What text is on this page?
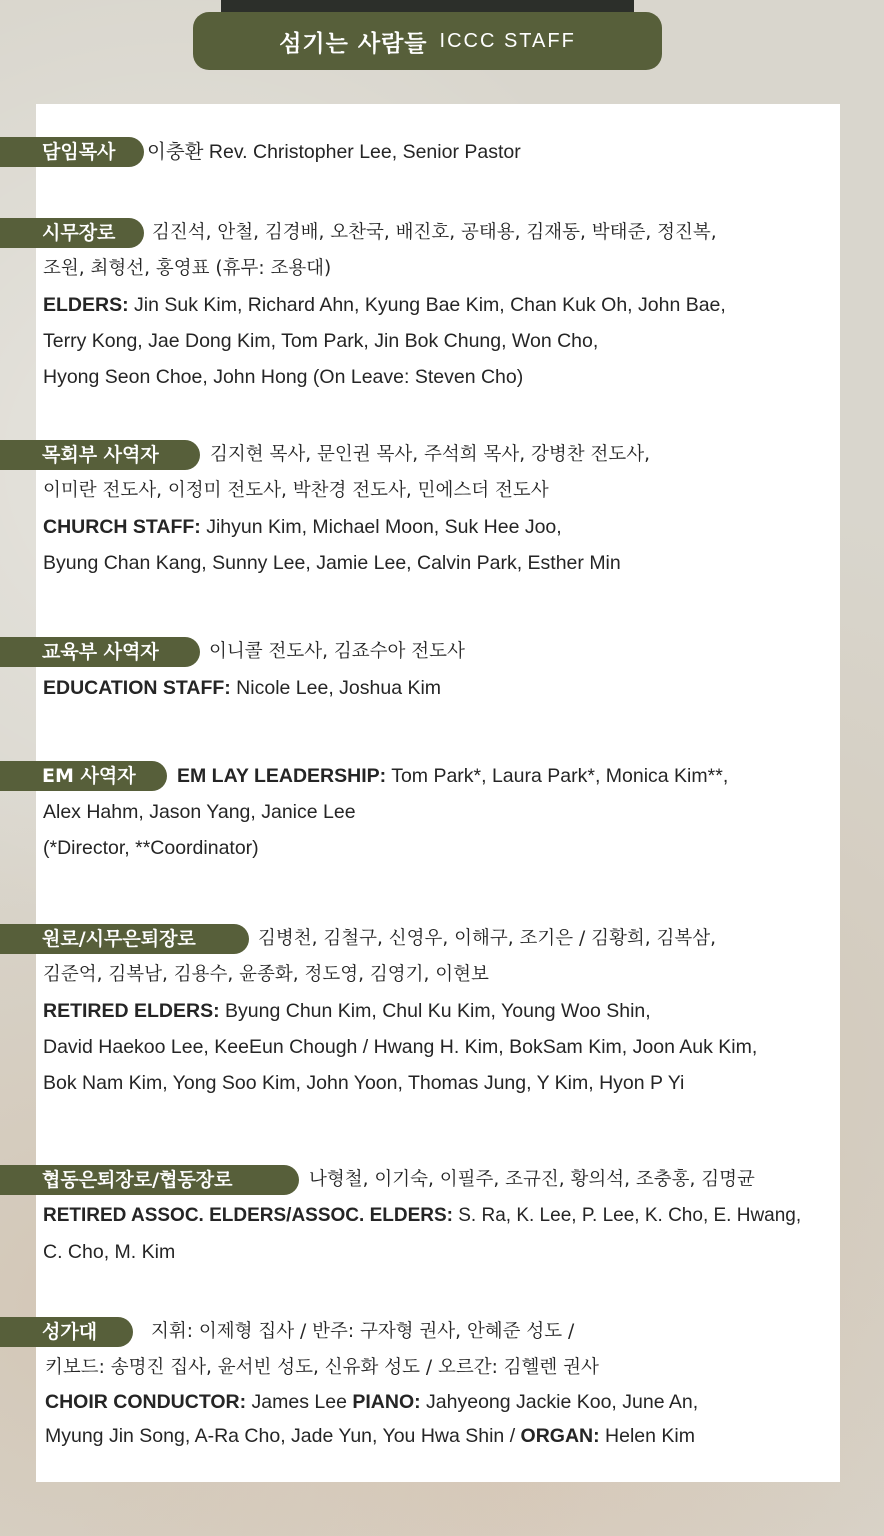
섬기는 사람들 ICCC STAFF
담임목사	이충환 Rev. Christopher Lee, Senior Pastor
시무장로	김진석, 안철, 김경배, 오찬국, 배진호, 공태용, 김재동, 박태준, 정진복,
조원, 최형선, 홍영표 (휴무: 조용대)
ELDERS: Jin Suk Kim, Richard Ahn, Kyung Bae Kim, Chan Kuk Oh, John Bae,
Terry Kong, Jae Dong Kim, Tom Park, Jin Bok Chung, Won Cho,
Hyong Seon Choe, John Hong (On Leave: Steven Cho)
목회부 사역자	김지현 목사, 문인권 목사, 주석희 목사, 강병찬 전도사,
이미란 전도사, 이정미 전도사, 박찬경 전도사, 민에스더 전도사
CHURCH STAFF: Jihyun Kim, Michael Moon, Suk Hee Joo,
Byung Chan Kang, Sunny Lee, Jamie Lee, Calvin Park, Esther Min
교육부 사역자	이니콜 전도사, 김죠수아 전도사
EDUCATION STAFF: Nicole Lee, Joshua Kim
EM 사역자	EM LAY LEADERSHIP: Tom Park*, Laura Park*, Monica Kim**,
Alex Hahm, Jason Yang, Janice Lee
(*Director, **Coordinator)
원로/시무은퇴장로	김병천, 김철구, 신영우, 이해구, 조기은 / 김황희, 김복삼,
김준억, 김복남, 김용수, 윤종화, 정도영, 김영기, 이현보
RETIRED ELDERS: Byung Chun Kim, Chul Ku Kim, Young Woo Shin,
David Haekoo Lee, KeeEun Chough / Hwang H. Kim, BokSam Kim, Joon Auk Kim,
Bok Nam Kim, Yong Soo Kim, John Yoon, Thomas Jung, Y Kim, Hyon P Yi
협동은퇴장로/협동장로	나형철, 이기숙, 이필주, 조규진, 황의석, 조충홍, 김명균
RETIRED ASSOC. ELDERS/ASSOC. ELDERS: S. Ra, K. Lee, P. Lee, K. Cho, E. Hwang,
C. Cho, M. Kim
성가대	지휘: 이제형 집사 / 반주: 구자형 권사, 안혜준 성도 /
키보드: 송명진 집사, 윤서빈 성도, 신유화 성도 / 오르간: 김헬렌 권사
CHOIR CONDUCTOR: James Lee PIANO: Jahyeong Jackie Koo, June An,
Myung Jin Song, A-Ra Cho, Jade Yun, You Hwa Shin / ORGAN: Helen Kim
